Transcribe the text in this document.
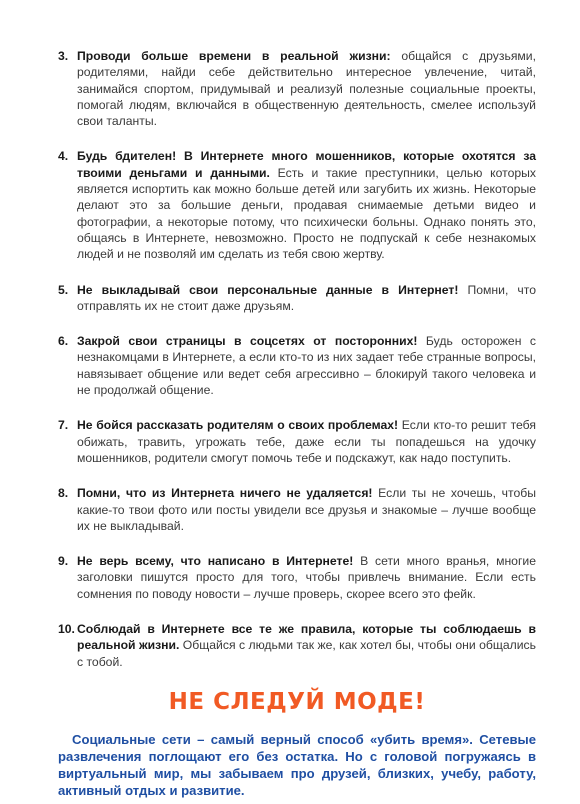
3. Проводи больше времени в реальной жизни: общайся с друзьями, родителями, найди себе действительно интересное увлечение, читай, занимайся спортом, придумывай и реализуй полезные социальные проекты, помогай людям, включайся в общественную деятельность, смелее используй свои таланты.
4. Будь бдителен! В Интернете много мошенников, которые охотятся за твоими деньгами и данными. Есть и такие преступники, целью которых является испортить как можно больше детей или загубить их жизнь. Некоторые делают это за большие деньги, продавая снимаемые детьми видео и фотографии, а некоторые потому, что психически больны. Однако понять это, общаясь в Интернете, невозможно. Просто не подпускай к себе незнакомых людей и не позволяй им сделать из тебя свою жертву.
5. Не выкладывай свои персональные данные в Интернет! Помни, что отправлять их не стоит даже друзьям.
6. Закрой свои страницы в соцсетях от посторонних! Будь осторожен с незнакомцами в Интернете, а если кто-то из них задает тебе странные вопросы, навязывает общение или ведет себя агрессивно – блокируй такого человека и не продолжай общение.
7. Не бойся рассказать родителям о своих проблемах! Если кто-то решит тебя обижать, травить, угрожать тебе, даже если ты попадешься на удочку мошенников, родители смогут помочь тебе и подскажут, как надо поступить.
8. Помни, что из Интернета ничего не удаляется! Если ты не хочешь, чтобы какие-то твои фото или посты увидели все друзья и знакомые – лучше вообще их не выкладывай.
9. Не верь всему, что написано в Интернете! В сети много вранья, многие заголовки пишутся просто для того, чтобы привлечь внимание. Если есть сомнения по поводу новости – лучше проверь, скорее всего это фейк.
10. Соблюдай в Интернете все те же правила, которые ты соблюдаешь в реальной жизни. Общайся с людьми так же, как хотел бы, чтобы они общались с тобой.
НЕ СЛЕДУЙ МОДЕ!

Социальные сети – самый верный способ «убить время». Сетевые развлечения поглощают его без остатка. Но с головой погружаясь в виртуальный мир, мы забываем про друзей, близких, учебу, работу, активный отдых и развитие.
